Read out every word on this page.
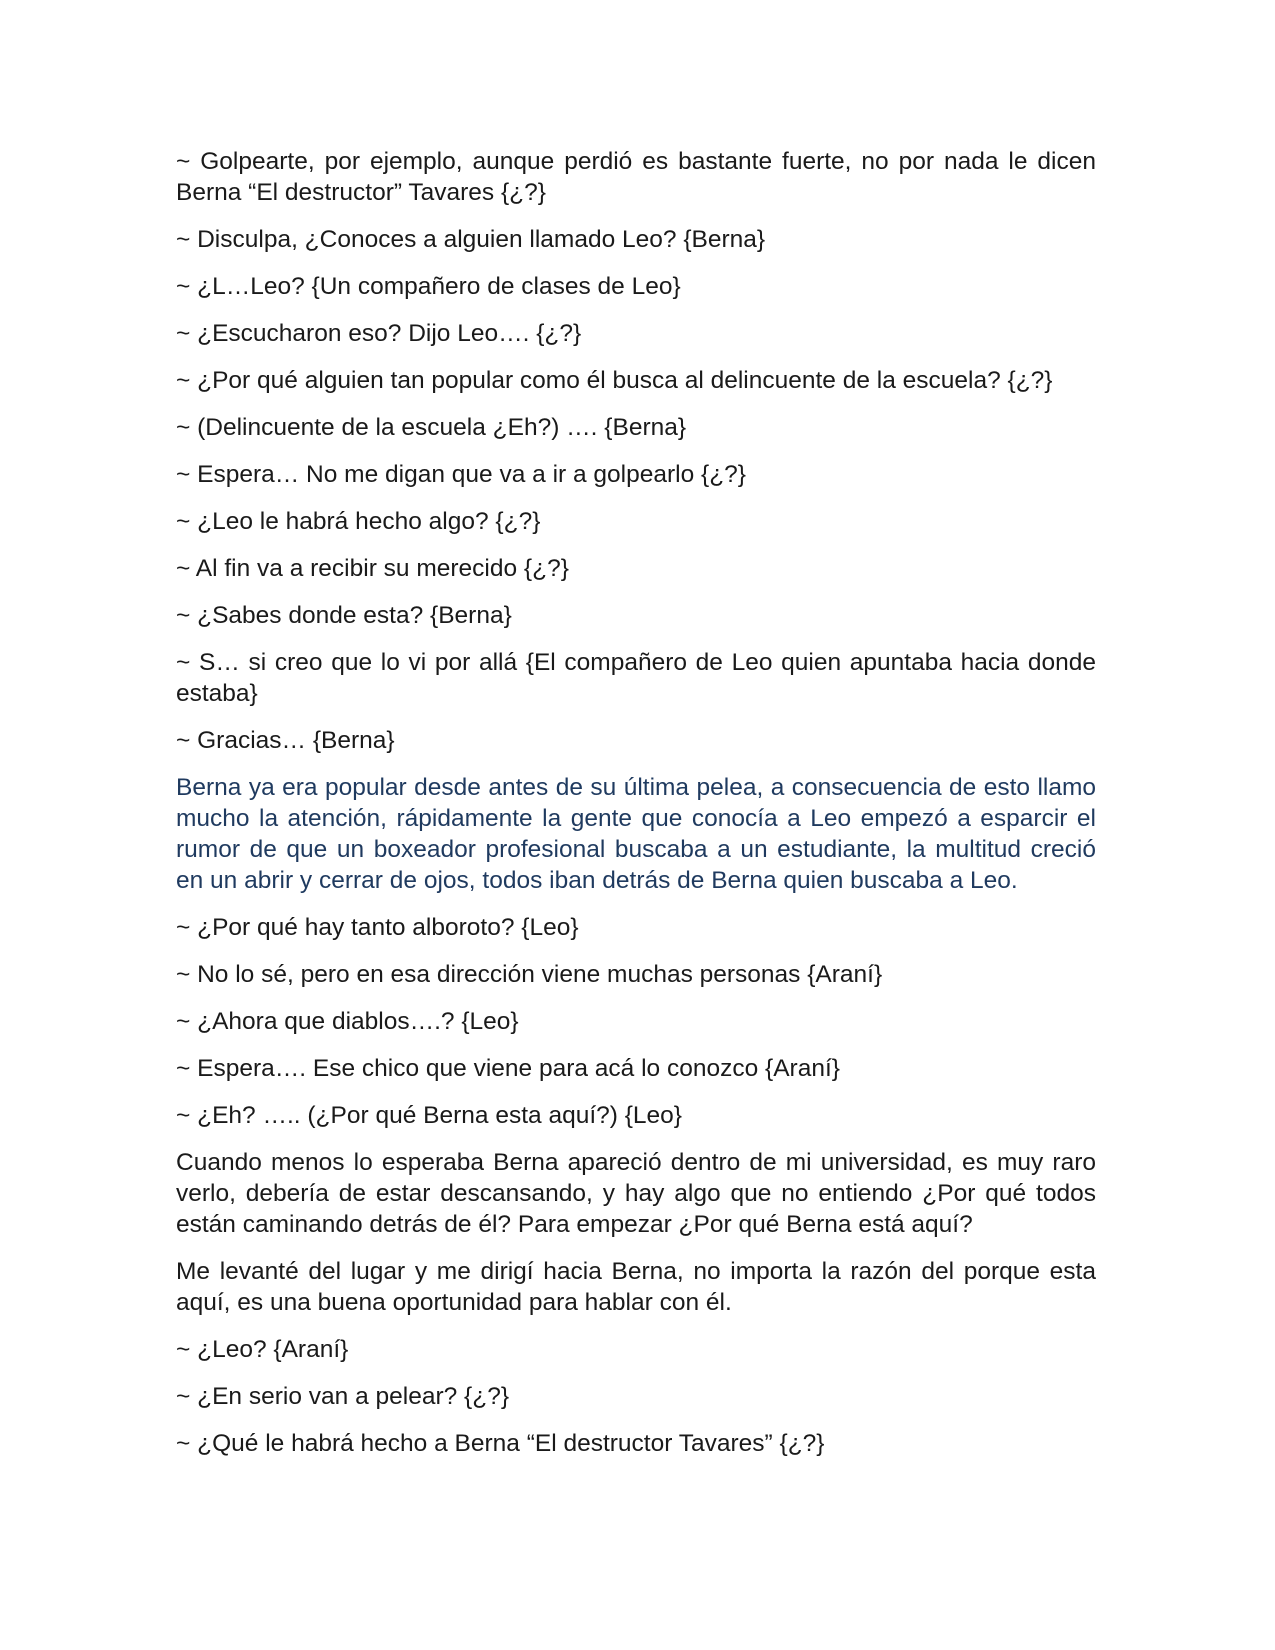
~ Golpearte, por ejemplo, aunque perdió es bastante fuerte, no por nada le dicen Berna “El destructor” Tavares {¿?}

~ Disculpa, ¿Conoces a alguien llamado Leo? {Berna}

~ ¿L…Leo? {Un compañero de clases de Leo}

~ ¿Escucharon eso? Dijo Leo…. {¿?}

~ ¿Por qué alguien tan popular como él busca al delincuente de la escuela? {¿?}

~ (Delincuente de la escuela ¿Eh?) …. {Berna}

~ Espera… No me digan que va a ir a golpearlo {¿?}

~ ¿Leo le habrá hecho algo? {¿?}

~ Al fin va a recibir su merecido {¿?}

~ ¿Sabes donde esta? {Berna}

~ S… si creo que lo vi por allá {El compañero de Leo quien apuntaba hacia donde estaba}

~ Gracias… {Berna}

Berna ya era popular desde antes de su última pelea, a consecuencia de esto llamo mucho la atención, rápidamente la gente que conocía a Leo empezó a esparcir el rumor de que un boxeador profesional buscaba a un estudiante, la multitud creció en un abrir y cerrar de ojos, todos iban detrás de Berna quien buscaba a Leo.

~ ¿Por qué hay tanto alboroto? {Leo}

~ No lo sé, pero en esa dirección viene muchas personas {Araní}

~ ¿Ahora que diablos….? {Leo}

~ Espera…. Ese chico que viene para acá lo conozco {Araní}

~ ¿Eh? ….. (¿Por qué Berna esta aquí?) {Leo}

Cuando menos lo esperaba Berna apareció dentro de mi universidad, es muy raro verlo, debería de estar descansando, y hay algo que no entiendo ¿Por qué todos están caminando detrás de él? Para empezar ¿Por qué Berna está aquí?

Me levanté del lugar y me dirigí hacia Berna, no importa la razón del porque esta aquí, es una buena oportunidad para hablar con él.

~ ¿Leo? {Araní}

~ ¿En serio van a pelear? {¿?}

~ ¿Qué le habrá hecho a Berna “El destructor Tavares” {¿?}
